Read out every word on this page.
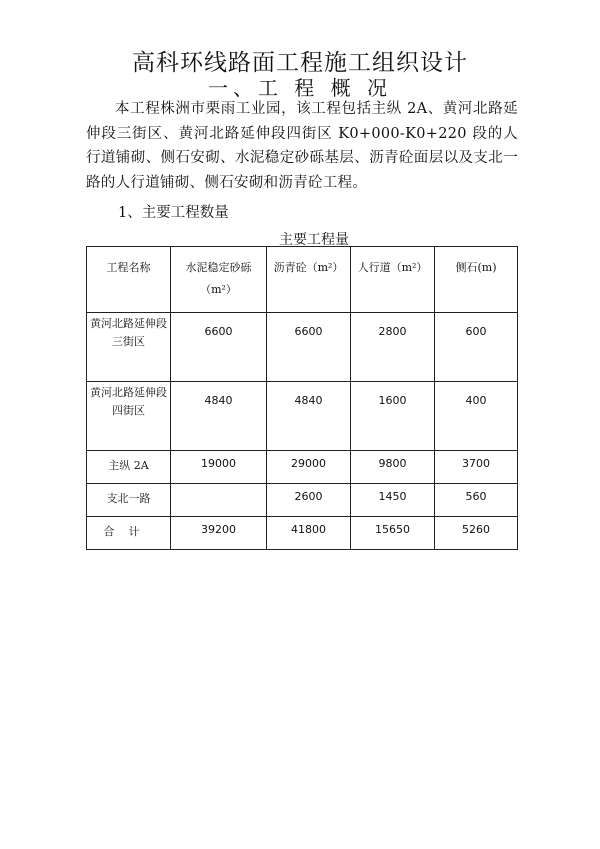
高科环线路面工程施工组织设计
一、工 程 概 况

本工程株洲市栗雨工业园，该工程包括主纵 2A、黄河北路延伸段三街区、黄河北路延伸段四街区 K0+000-K0+220 段的人行道铺砌、侧石安砌、水泥稳定砂砾基层、沥青砼面层以及支北一路的人行道铺砌、侧石安砌和沥青砼工程。

1、主要工程数量

主要工程量

工程名称	水泥稳定砂砾（m²）	沥青砼（m²）	人行道（m²）	侧石(m)
黄河北路延伸段三街区	6600	6600	2800	600
黄河北路延伸段四街区	4840	4840	1600	400
主纵 2A	19000	29000	9800	3700
支北一路		2600	1450	560
合计	39200	41800	15650	5260
